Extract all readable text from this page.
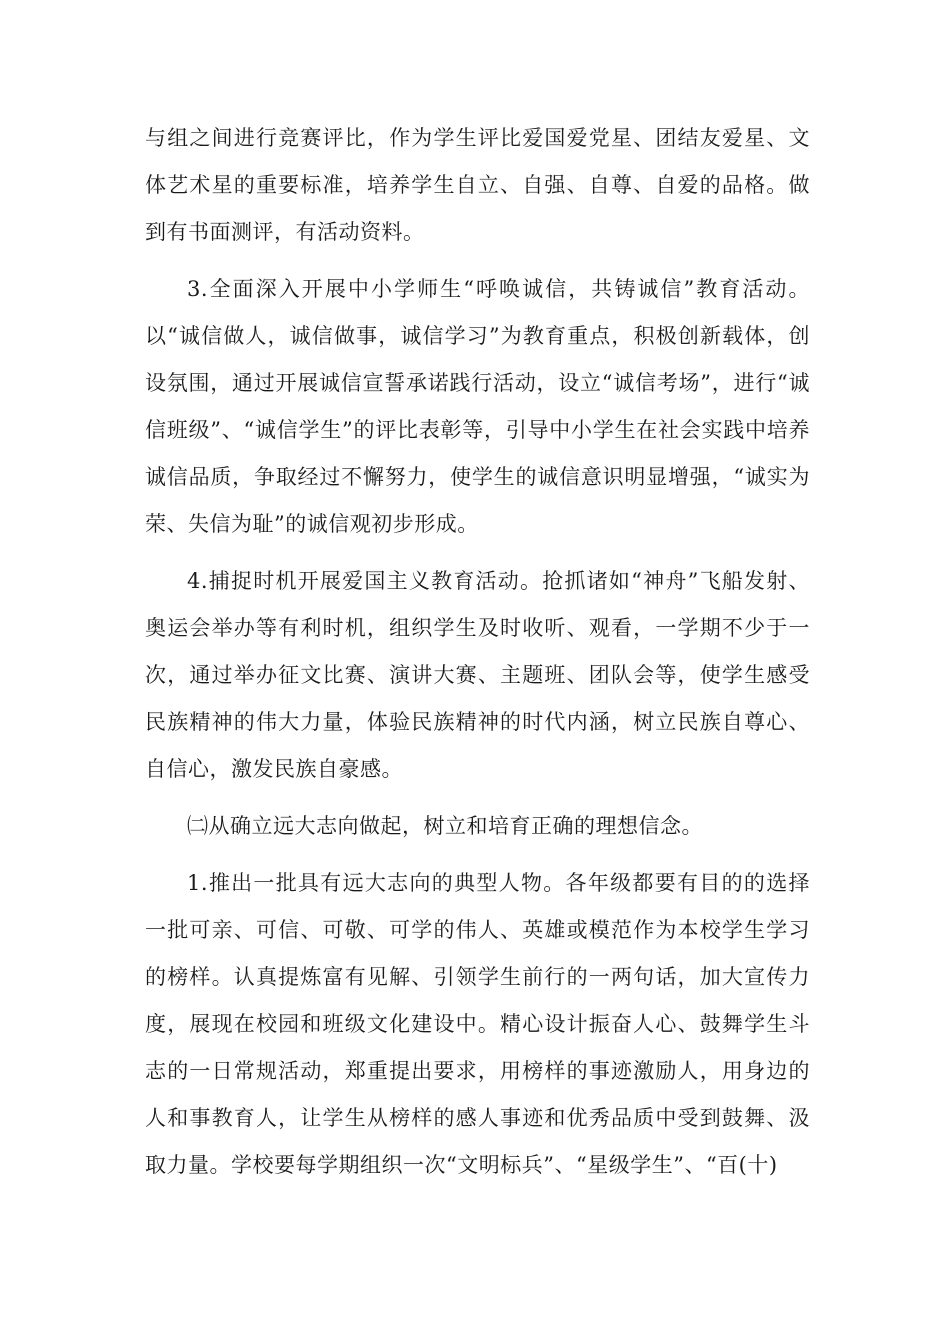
与组之间进行竞赛评比，作为学生评比爱国爱党星、团结友爱星、文体艺术星的重要标准，培养学生自立、自强、自尊、自爱的品格。做到有书面测评，有活动资料。

3.全面深入开展中小学师生“呼唤诚信，共铸诚信”教育活动。以“诚信做人，诚信做事，诚信学习”为教育重点，积极创新载体，创设氛围，通过开展诚信宣誓承诺践行活动，设立“诚信考场”，进行“诚信班级”、“诚信学生”的评比表彰等，引导中小学生在社会实践中培养诚信品质，争取经过不懈努力，使学生的诚信意识明显增强，“诚实为荣、失信为耻”的诚信观初步形成。

4.捕捉时机开展爱国主义教育活动。抢抓诸如“神舟”飞船发射、奥运会举办等有利时机，组织学生及时收听、观看，一学期不少于一次，通过举办征文比赛、演讲大赛、主题班、团队会等，使学生感受民族精神的伟大力量，体验民族精神的时代内涵，树立民族自尊心、自信心，激发民族自豪感。

㈡从确立远大志向做起，树立和培育正确的理想信念。

1.推出一批具有远大志向的典型人物。各年级都要有目的的选择一批可亲、可信、可敬、可学的伟人、英雄或模范作为本校学生学习的榜样。认真提炼富有见解、引领学生前行的一两句话，加大宣传力度，展现在校园和班级文化建设中。精心设计振奋人心、鼓舞学生斗志的一日常规活动，郑重提出要求，用榜样的事迹激励人，用身边的人和事教育人，让学生从榜样的感人事迹和优秀品质中受到鼓舞、汲取力量。学校要每学期组织一次“文明标兵”、“星级学生”、“百(十)
